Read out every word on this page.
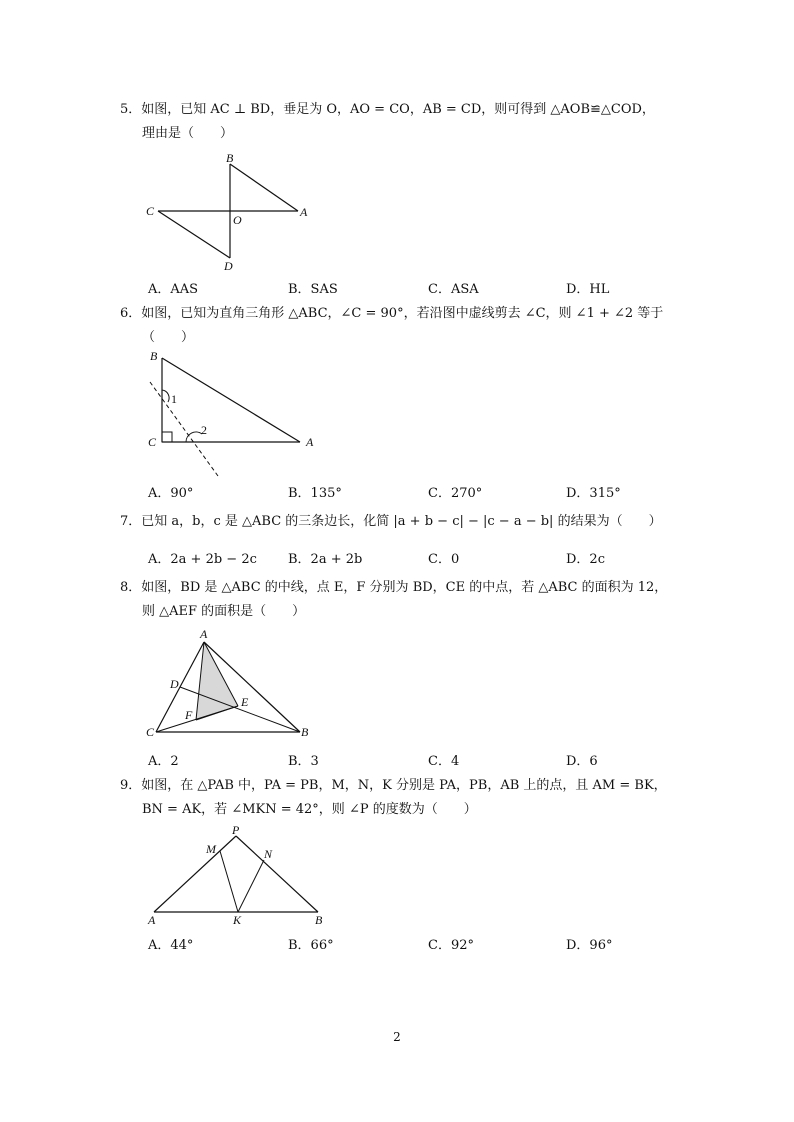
5．如图，已知 AC ⊥ BD，垂足为 O，AO = CO，AB = CD，则可得到 △AOB≌△COD，
理由是（　　）
B
C
O
A
D
A．AAS	B．SAS	C．ASA	D．HL
6．如图，已知为直角三角形 △ABC，∠C = 90°，若沿图中虚线剪去 ∠C，则 ∠1 + ∠2 等于
（　　）
B
C	A
1
2
A．90°	B．135°	C．270°	D．315°
7．已知 a，b，c 是 △ABC 的三条边长，化简 |a + b − c| − |c − a − b| 的结果为（　　）
A．2a + 2b − 2c B．2a + 2b	C．0	D．2c
8．如图，BD 是 △ABC 的中线，点 E，F 分别为 BD，CE 的中点，若 △ABC 的面积为 12，
则 △AEF 的面积是（　　）
A
D
E
F
C	B
A．2	B．3	C．4	D．6
9．如图，在 △PAB 中，PA = PB，M，N，K 分别是 PA，PB，AB 上的点，且 AM = BK，
BN = AK，若 ∠MKN = 42°，则 ∠P 的度数为（　　）
P
M	N
A	K	B
A．44°	B．66°	C．92°	D．96°
2
